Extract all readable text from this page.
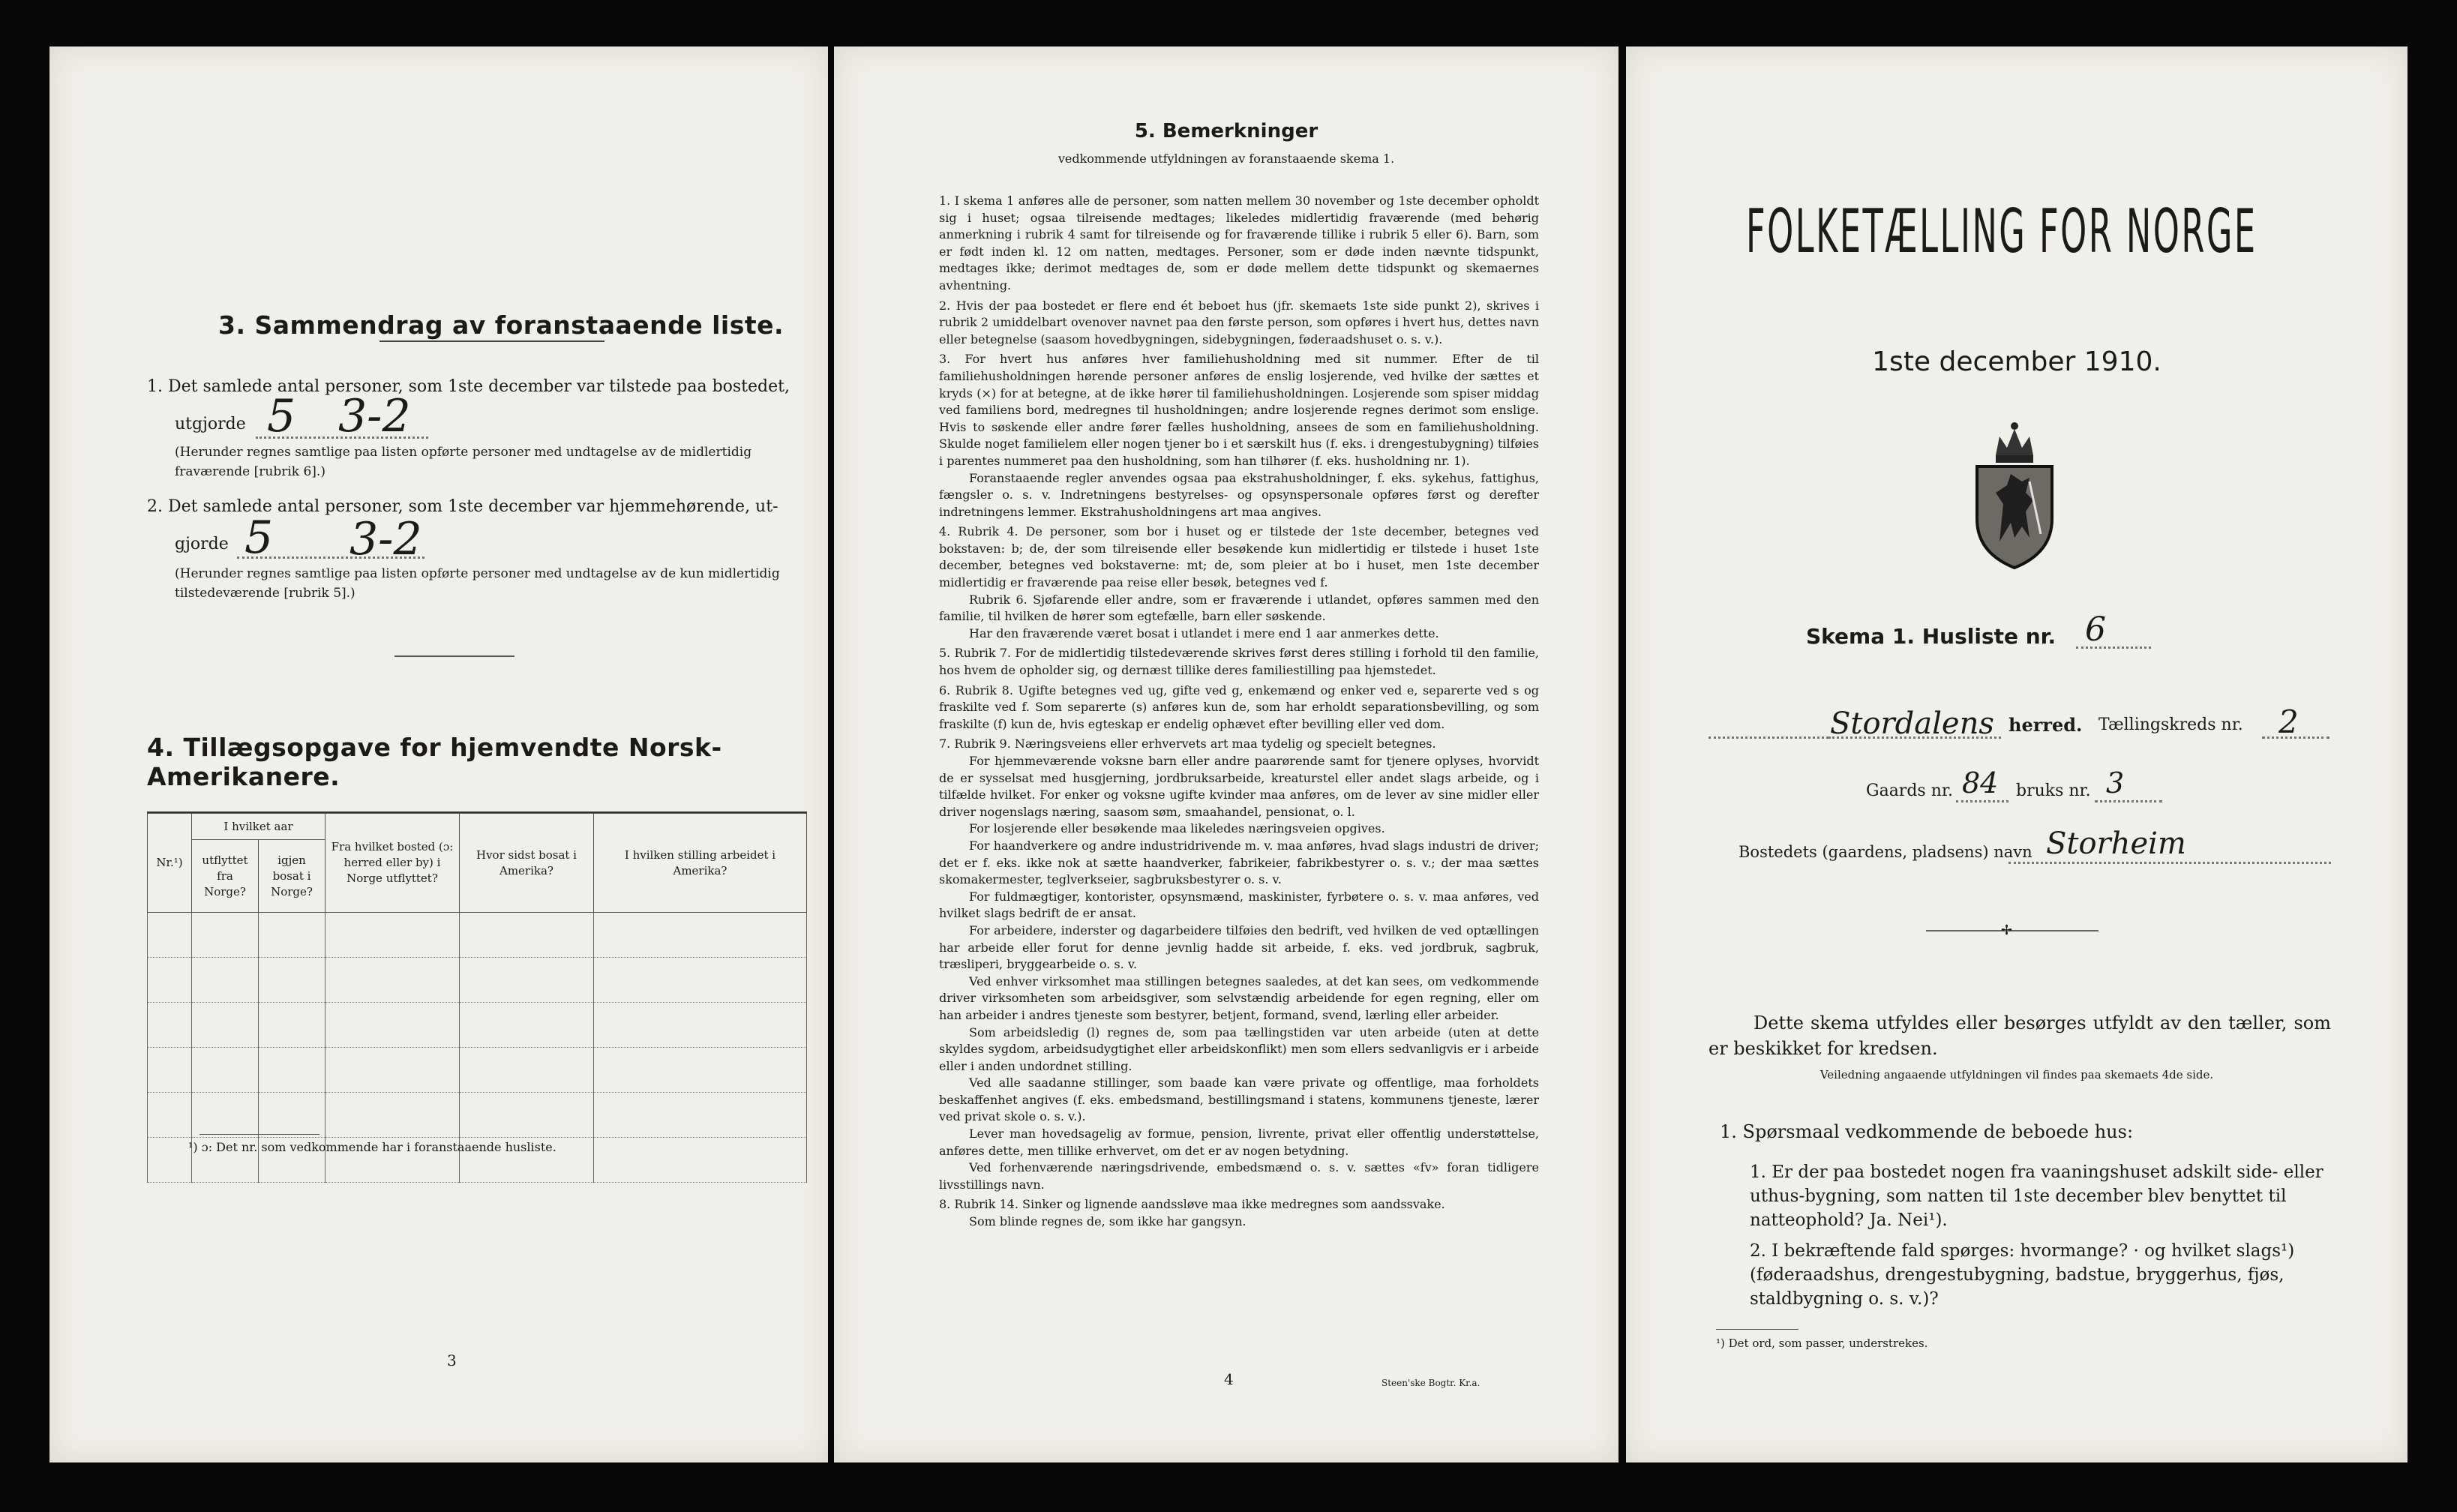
3. Sammendrag av foranstaaende liste.
1. Det samlede antal personer, som 1ste december var tilstede paa bostedet,
utgjorde 5 3-2
(Herunder regnes samtlige paa listen opførte personer med undtagelse av de midlertidig fraværende [rubrik 6].)
2. Det samlede antal personer, som 1ste december var hjemmehørende, ut-
gjorde 5 3-2
(Herunder regnes samtlige paa listen opførte personer med undtagelse av de kun midlertidig tilstedeværende [rubrik 5].)
4. Tillægsopgave for hjemvendte Norsk-Amerikanere.
Nr.¹)	I hvilket aar		Fra hvilket bosted (ɔ: herred eller by) i Norge utflyttet?	Hvor sidst bosat i Amerika?	I hvilken stilling arbeidet i Amerika?
	utflyttet fra Norge?	igjen bosat i Norge?			

¹) ɔ: Det nr. som vedkommende har i foranstaaende husliste.
3
5. Bemerkninger
vedkommende utfyldningen av foranstaaende skema 1.

1. I skema 1 anføres alle de personer, som natten mellem 30 november og 1ste december opholdt sig i huset; ogsaa tilreisende medtages; likeledes midlertidig fraværende (med behørig anmerkning i rubrik 4 samt for tilreisende og for fraværende tillike i rubrik 5 eller 6). Barn, som er født inden kl. 12 om natten, medtages. Personer, som er døde inden nævnte tidspunkt, medtages ikke; derimot medtages de, som er døde mellem dette tidspunkt og skemaernes avhentning.

2. Hvis der paa bostedet er flere end ét beboet hus (jfr. skemaets 1ste side punkt 2), skrives i rubrik 2 umiddelbart ovenover navnet paa den første person, som opføres i hvert hus, dettes navn eller betegnelse (saasom hovedbygningen, sidebygningen, føderaadshuset o. s. v.).

3. For hvert hus anføres hver familiehusholdning med sit nummer. Efter de til familiehusholdningen hørende personer anføres de enslig losjerende, ved hvilke der sættes et kryds (×) for at betegne, at de ikke hører til familiehusholdningen. Losjerende som spiser middag ved familiens bord, medregnes til husholdningen; andre losjerende regnes derimot som enslige. Hvis to søskende eller andre fører fælles husholdning, ansees de som en familiehusholdning. Skulde noget familielem eller nogen tjener bo i et særskilt hus (f. eks. i drengestubygning) tilføies i parentes nummeret paa den husholdning, som han tilhører (f. eks. husholdning nr. 1).

Foranstaaende regler anvendes ogsaa paa ekstrahusholdninger, f. eks. sykehus, fattighus, fængsler o. s. v. Indretningens bestyrelses- og opsynspersonale opføres først og derefter indretningens lemmer. Ekstrahusholdningens art maa angives.

4. Rubrik 4. De personer, som bor i huset og er tilstede der 1ste december, betegnes ved bokstaven: b; de, der som tilreisende eller besøkende kun midlertidig er tilstede i huset 1ste december, betegnes ved bokstaverne: mt; de, som pleier at bo i huset, men 1ste december midlertidig er fraværende paa reise eller besøk, betegnes ved f.

Rubrik 6. Sjøfarende eller andre, som er fraværende i utlandet, opføres sammen med den familie, til hvilken de hører som egtefælle, barn eller søskende.

Har den fraværende været bosat i utlandet i mere end 1 aar anmerkes dette.

5. Rubrik 7. For de midlertidig tilstedeværende skrives først deres stilling i forhold til den familie, hos hvem de opholder sig, og dernæst tillike deres familiestilling paa hjemstedet.

6. Rubrik 8. Ugifte betegnes ved ug, gifte ved g, enkemænd og enker ved e, separerte ved s og fraskilte ved f. Som separerte (s) anføres kun de, som har erholdt separationsbevilling, og som fraskilte (f) kun de, hvis egteskap er endelig ophævet efter bevilling eller ved dom.

7. Rubrik 9. Næringsveiens eller erhvervets art maa tydelig og specielt betegnes.

For hjemmeværende voksne barn eller andre paarørende samt for tjenere oplyses, hvorvidt de er sysselsat med husgjerning, jordbruksarbeide, kreaturstel eller andet slags arbeide, og i tilfælde hvilket. For enker og voksne ugifte kvinder maa anføres, om de lever av sine midler eller driver nogenslags næring, saasom søm, smaahandel, pensionat, o. l.

For losjerende eller besøkende maa likeledes næringsveien opgives.

For haandverkere og andre industridrivende m. v. maa anføres, hvad slags industri de driver; det er f. eks. ikke nok at sætte haandverker, fabrikeier, fabrikbestyrer o. s. v.; der maa sættes skomakermester, teglverkseier, sagbruksbestyrer o. s. v.

For fuldmægtiger, kontorister, opsynsmænd, maskinister, fyrbøtere o. s. v. maa anføres, ved hvilket slags bedrift de er ansat.

For arbeidere, inderster og dagarbeidere tilføies den bedrift, ved hvilken de ved optællingen har arbeide eller forut for denne jevnlig hadde sit arbeide, f. eks. ved jordbruk, sagbruk, træsliperi, bryggearbeide o. s. v.

Ved enhver virksomhet maa stillingen betegnes saaledes, at det kan sees, om vedkommende driver virksomheten som arbeidsgiver, som selvstændig arbeidende for egen regning, eller om han arbeider i andres tjeneste som bestyrer, betjent, formand, svend, lærling eller arbeider.

Som arbeidsledig (l) regnes de, som paa tællingstiden var uten arbeide (uten at dette skyldes sygdom, arbeidsudygtighet eller arbeidskonflikt) men som ellers sedvanligvis er i arbeide eller i anden undordnet stilling.

Ved alle saadanne stillinger, som baade kan være private og offentlige, maa forholdets beskaffenhet angives (f. eks. embedsmand, bestillingsmand i statens, kommunens tjeneste, lærer ved privat skole o. s. v.).

Lever man hovedsagelig av formue, pension, livrente, privat eller offentlig understøttelse, anføres dette, men tillike erhvervet, om det er av nogen betydning.

Ved forhenværende næringsdrivende, embedsmænd o. s. v. sættes «fv» foran tidligere livsstillings navn.

8. Rubrik 14. Sinker og lignende aandssløve maa ikke medregnes som aandssvake.

Som blinde regnes de, som ikke har gangsyn.

4	Steen'ske Bogtr. Kr.a.
FOLKETÆLLING FOR NORGE
1ste december 1910.
Skema 1. Husliste nr. 6
Stordalens herred. Tællingskreds nr. 2
Gaards nr. 84 bruks nr. 3
Bostedets (gaardens, pladsens) navn Storheim
✢
Dette skema utfyldes eller besørges utfyldt av den tæller, som er beskikket for kredsen.
Veiledning angaaende utfyldningen vil findes paa skemaets 4de side.
1. Spørsmaal vedkommende de beboede hus:
1. Er der paa bostedet nogen fra vaaningshuset adskilt side- eller uthus-bygning, som natten til 1ste december blev benyttet til natteophold? Ja. Nei¹).
2. I bekræftende fald spørges: hvormange? · og hvilket slags¹) (føderaadshus, drengestubygning, badstue, bryggerhus, fjøs, staldbygning o. s. v.)?
¹) Det ord, som passer, understrekes.
